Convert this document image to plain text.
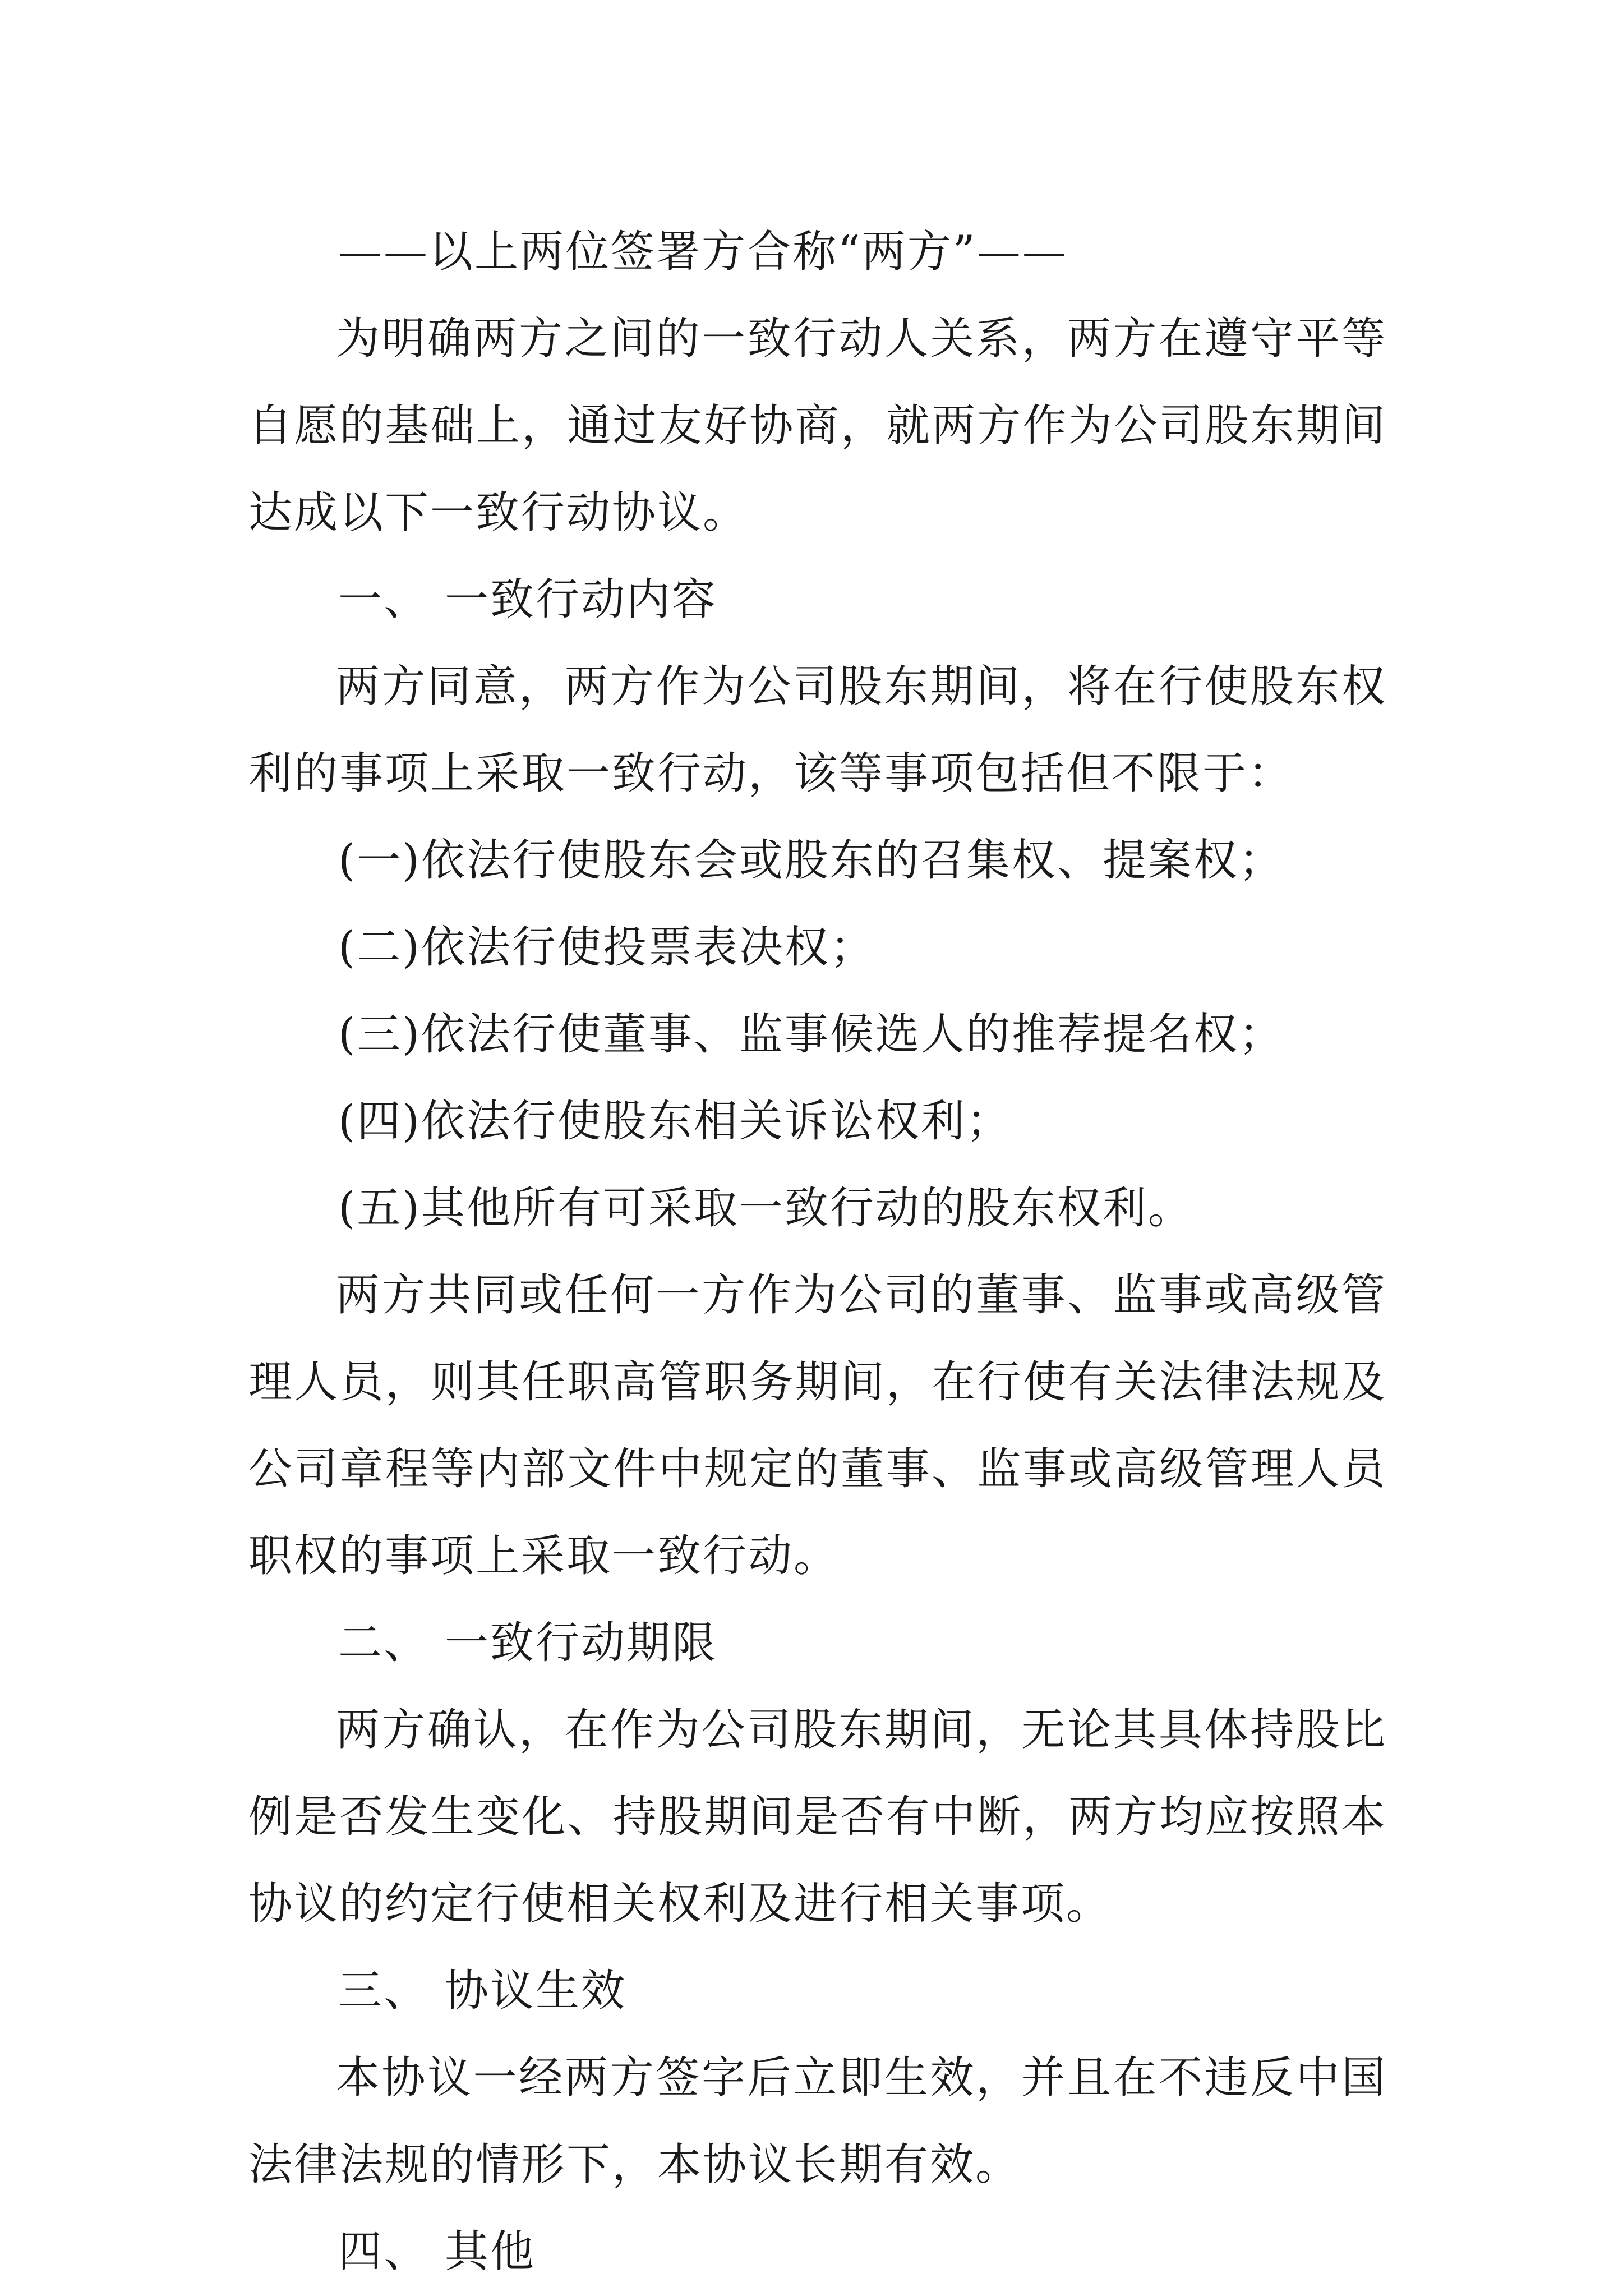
——以上两位签署方合称“两方”——
为明确两方之间的一致行动人关系，两方在遵守平等自愿的基础上，通过友好协商，就两方作为公司股东期间达成以下一致行动协议。
一、 一致行动内容
两方同意，两方作为公司股东期间，将在行使股东权利的事项上采取一致行动，该等事项包括但不限于：
(一)依法行使股东会或股东的召集权、提案权；
(二)依法行使投票表决权；
(三)依法行使董事、监事候选人的推荐提名权；
(四)依法行使股东相关诉讼权利；
(五)其他所有可采取一致行动的股东权利。
两方共同或任何一方作为公司的董事、监事或高级管理人员，则其任职高管职务期间，在行使有关法律法规及公司章程等内部文件中规定的董事、监事或高级管理人员职权的事项上采取一致行动。
二、 一致行动期限
两方确认，在作为公司股东期间，无论其具体持股比例是否发生变化、持股期间是否有中断，两方均应按照本协议的约定行使相关权利及进行相关事项。
三、 协议生效
本协议一经两方签字后立即生效，并且在不违反中国法律法规的情形下，本协议长期有效。
四、 其他
